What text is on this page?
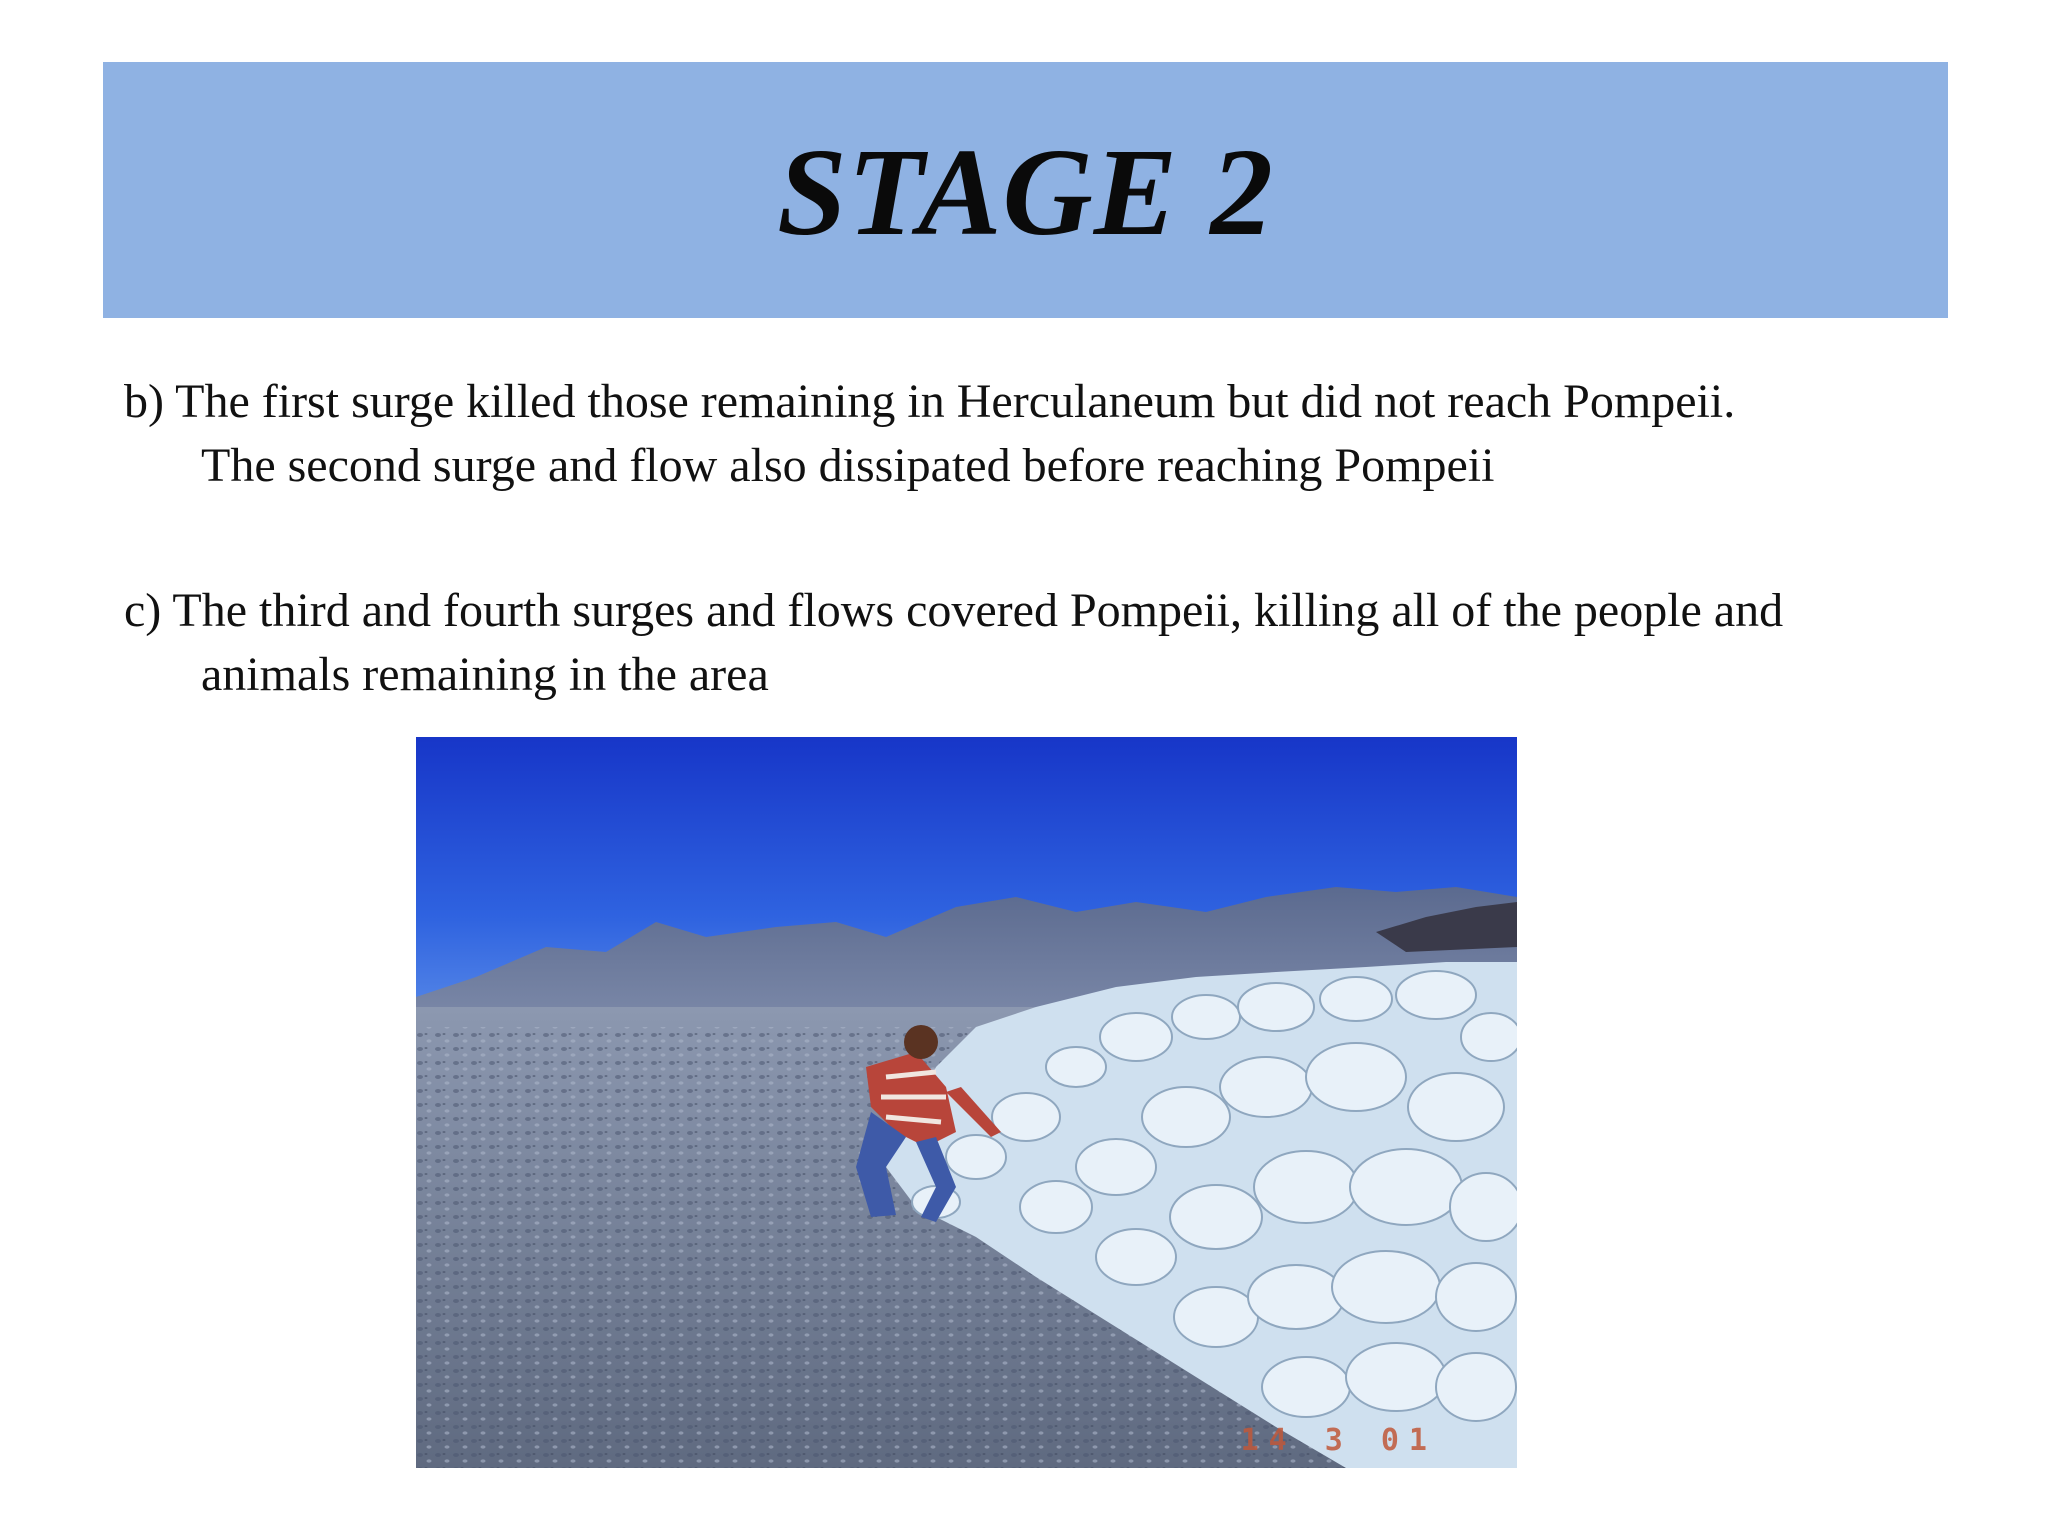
STAGE 2
b) The first surge killed those remaining in Herculaneum but did not reach Pompeii.
The second surge and flow also dissipated before reaching Pompeii
c) The third and fourth surges and flows covered Pompeii, killing all of the people and
animals remaining in the area
14 3 01
